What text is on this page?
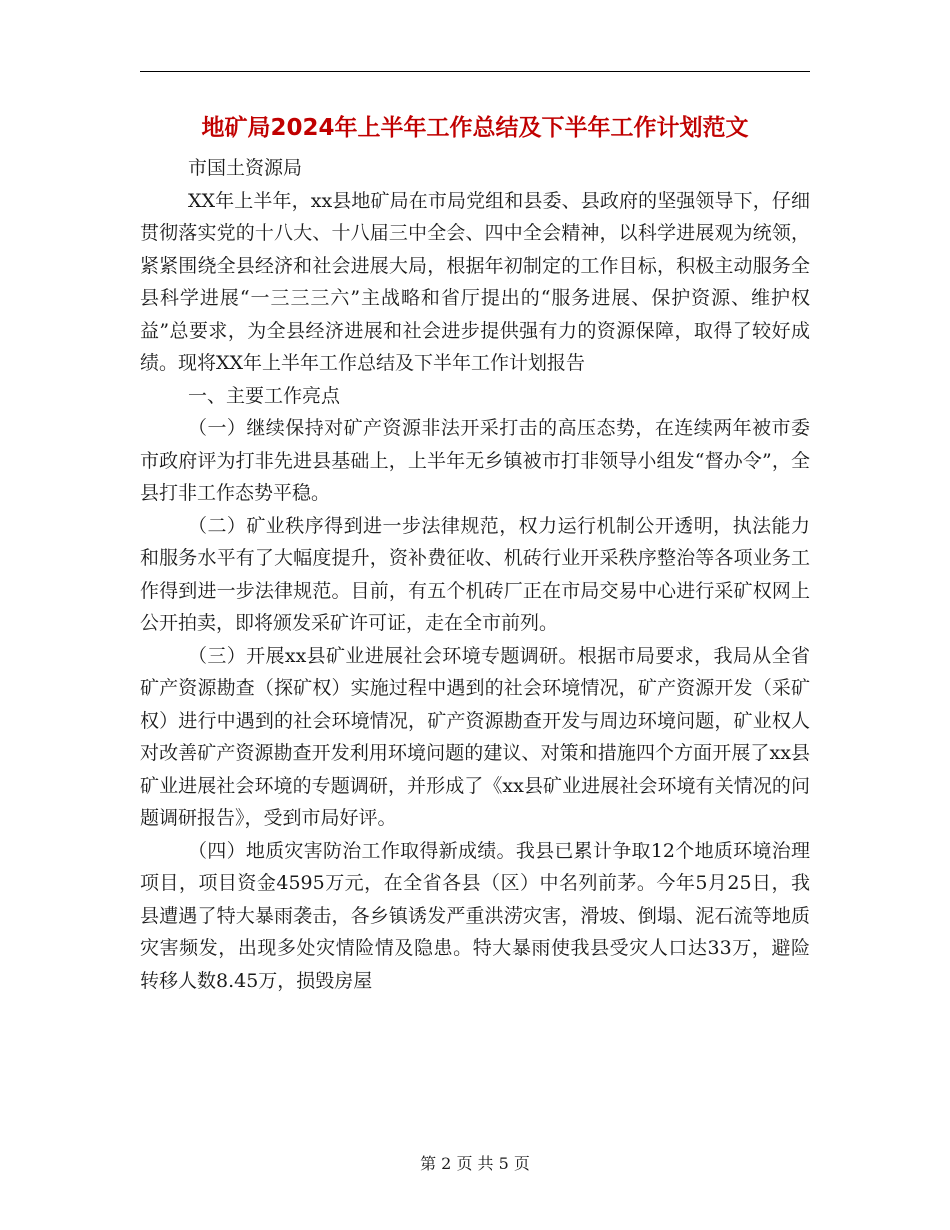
地矿局2024年上半年工作总结及下半年工作计划范文

市国土资源局

XX年上半年，xx县地矿局在市局党组和县委、县政府的坚强领导下，仔细贯彻落实党的十八大、十八届三中全会、四中全会精神，以科学进展观为统领，紧紧围绕全县经济和社会进展大局，根据年初制定的工作目标，积极主动服务全县科学进展“一三三三六”主战略和省厅提出的“服务进展、保护资源、维护权益”总要求，为全县经济进展和社会进步提供强有力的资源保障，取得了较好成绩。现将XX年上半年工作总结及下半年工作计划报告

一、主要工作亮点

（一）继续保持对矿产资源非法开采打击的高压态势，在连续两年被市委市政府评为打非先进县基础上，上半年无乡镇被市打非领导小组发“督办令”，全县打非工作态势平稳。

（二）矿业秩序得到进一步法律规范，权力运行机制公开透明，执法能力和服务水平有了大幅度提升，资补费征收、机砖行业开采秩序整治等各项业务工作得到进一步法律规范。目前，有五个机砖厂正在市局交易中心进行采矿权网上公开拍卖，即将颁发采矿许可证，走在全市前列。

（三）开展xx县矿业进展社会环境专题调研。根据市局要求，我局从全省矿产资源勘查（探矿权）实施过程中遇到的社会环境情况，矿产资源开发（采矿权）进行中遇到的社会环境情况，矿产资源勘查开发与周边环境问题，矿业权人对改善矿产资源勘查开发利用环境问题的建议、对策和措施四个方面开展了xx县矿业进展社会环境的专题调研，并形成了《xx县矿业进展社会环境有关情况的问题调研报告》，受到市局好评。

（四）地质灾害防治工作取得新成绩。我县已累计争取12个地质环境治理项目，项目资金4595万元，在全省各县（区）中名列前茅。今年5月25日，我县遭遇了特大暴雨袭击，各乡镇诱发严重洪涝灾害，滑坡、倒塌、泥石流等地质灾害频发，出现多处灾情险情及隐患。特大暴雨使我县受灾人口达33万，避险转移人数8.45万，损毁房屋

第 2 页 共 5 页
